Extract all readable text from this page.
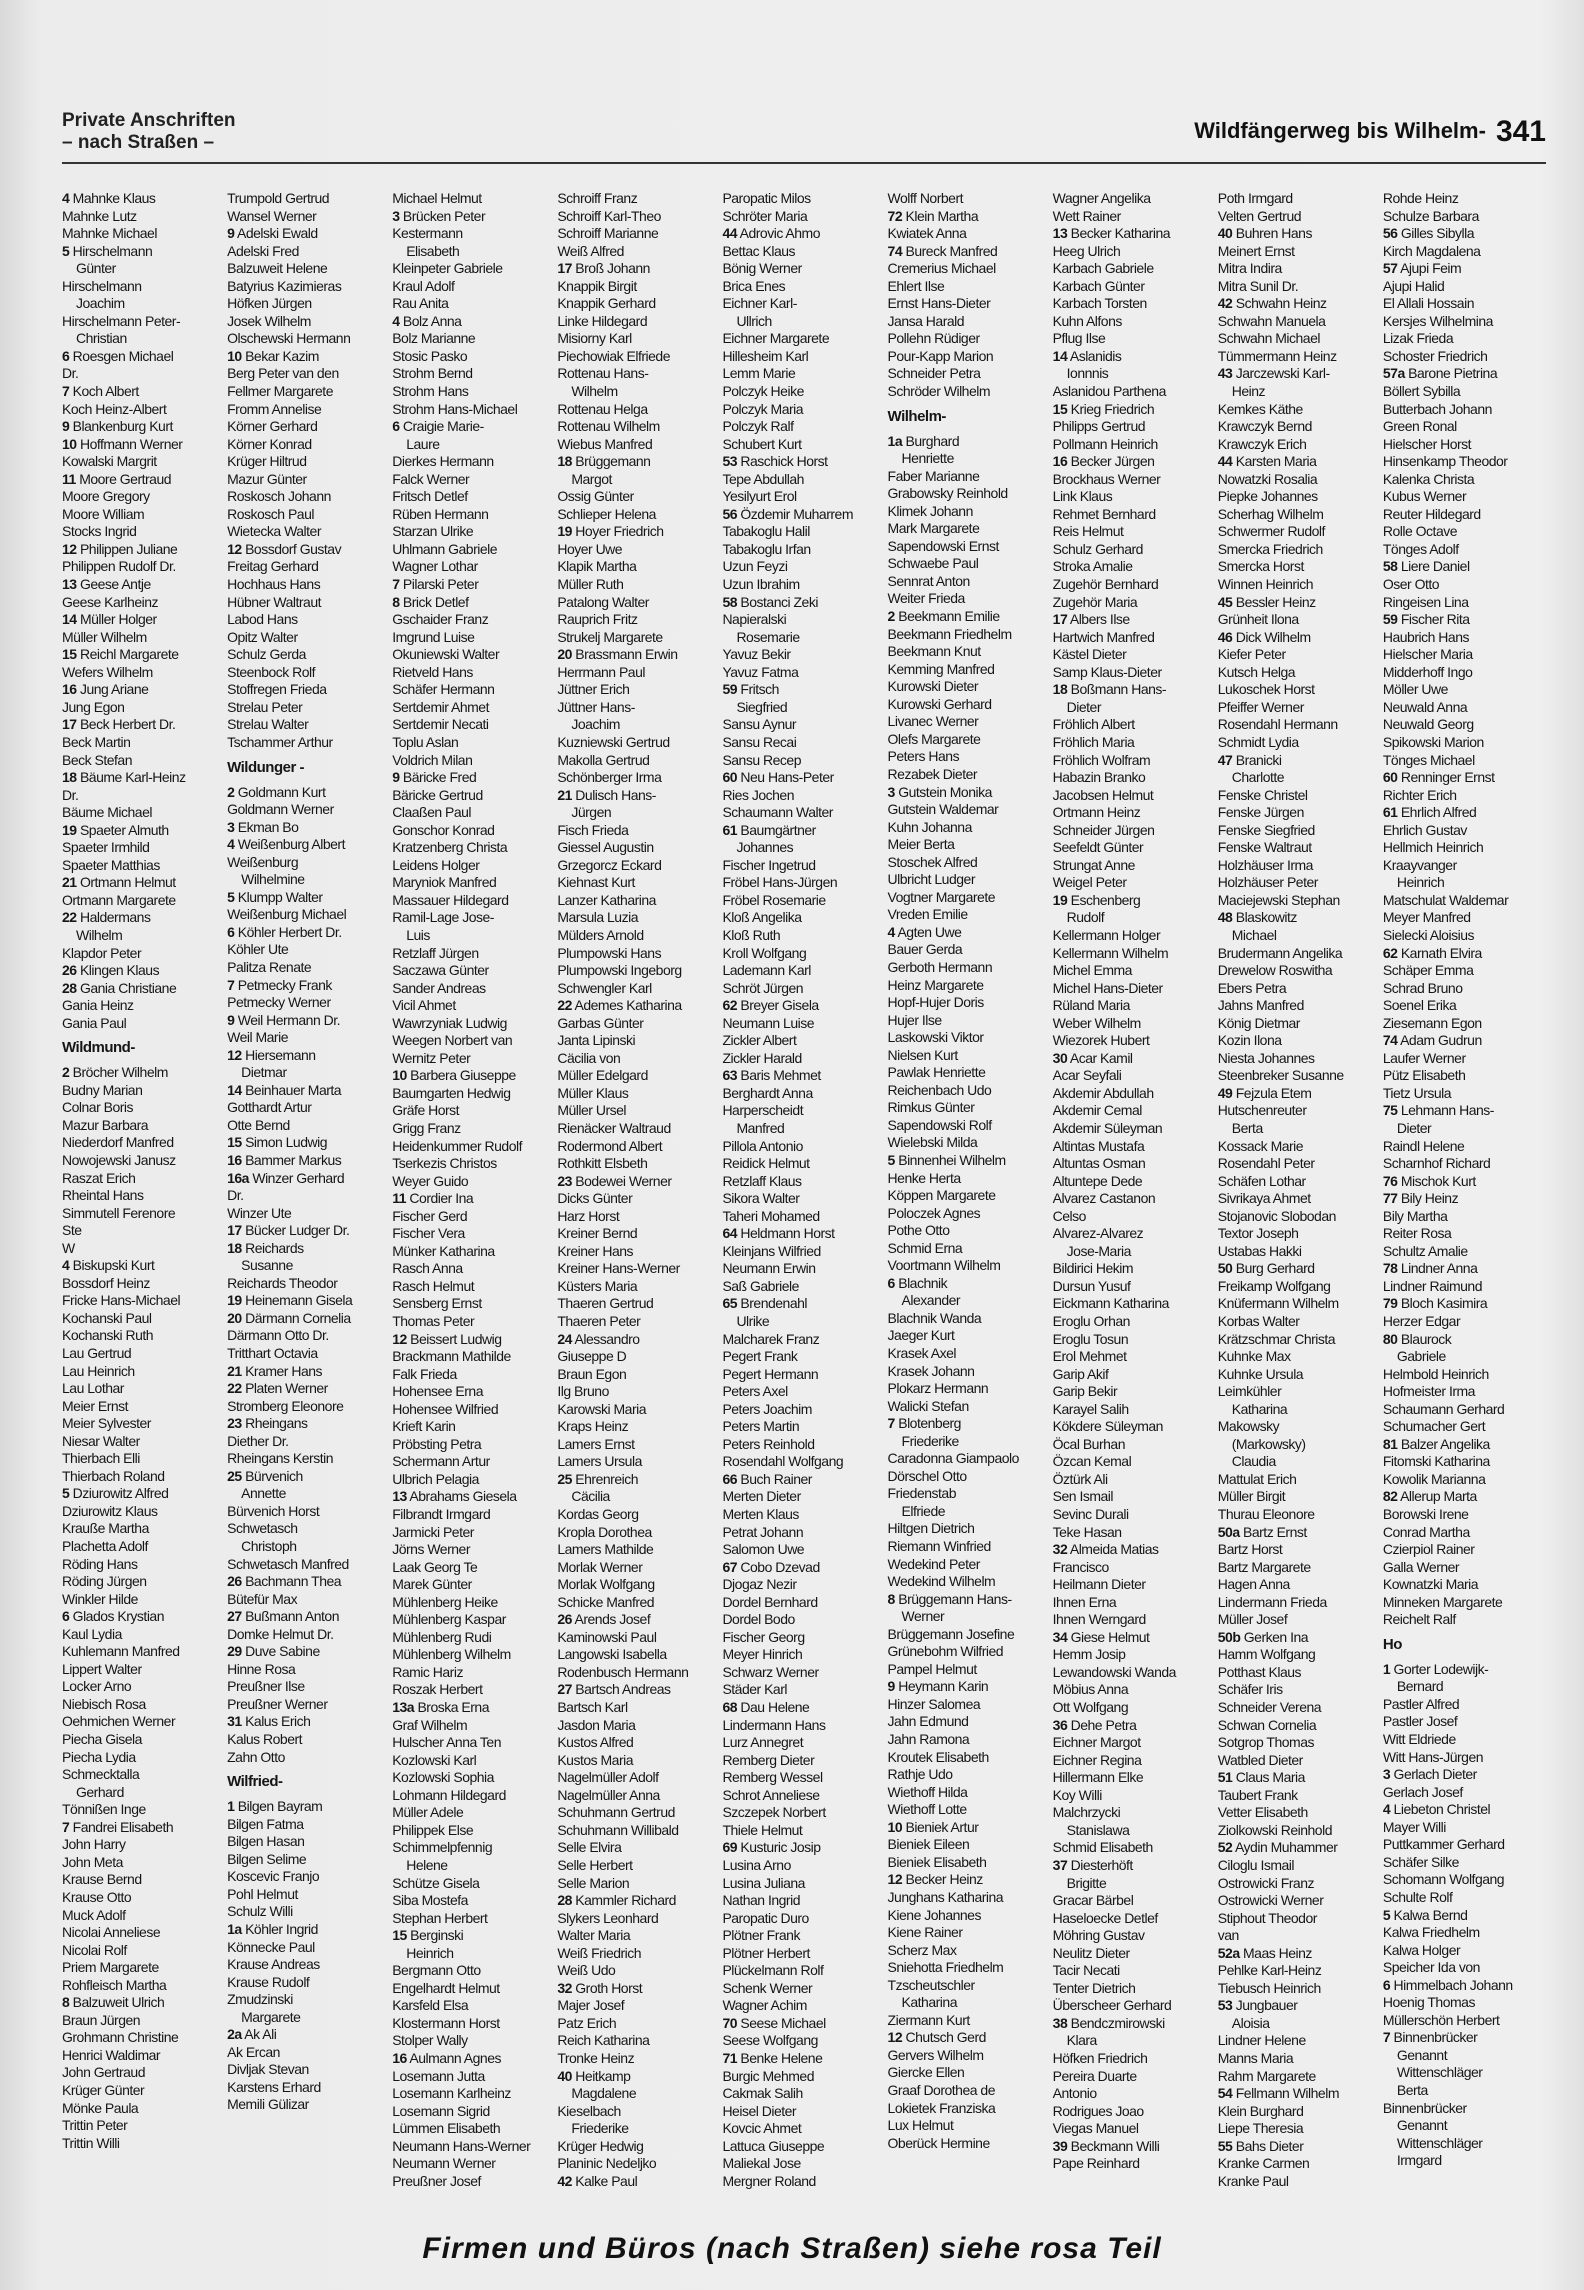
Private Anschriften
– nach Straßen –	Wildfängerweg bis Wilhelm- 341
4 Mahnke Klaus
Mahnke Lutz
Mahnke Michael
5 Hirschelmann
Günter
Hirschelmann
Joachim
Hirschelmann Peter-
Christian
6 Roesgen Michael
Dr.
7 Koch Albert
Koch Heinz-Albert
9 Blankenburg Kurt
10 Hoffmann Werner
Kowalski Margrit
11 Moore Gertraud
Moore Gregory
Moore William
Stocks Ingrid
12 Philippen Juliane
Philippen Rudolf Dr.
13 Geese Antje
Geese Karlheinz
14 Müller Holger
Müller Wilhelm
15 Reichl Margarete
Wefers Wilhelm
16 Jung Ariane
Jung Egon
17 Beck Herbert Dr.
Beck Martin
Beck Stefan
18 Bäume Karl-Heinz
Dr.
Bäume Michael
19 Spaeter Almuth
Spaeter Irmhild
Spaeter Matthias
21 Ortmann Helmut
Ortmann Margarete
22 Haldermans
Wilhelm
Klapdor Peter
26 Klingen Klaus
28 Gania Christiane
Gania Heinz
Gania Paul
Wildmund-
2 Bröcher Wilhelm
Budny Marian
Colnar Boris
Mazur Barbara
Niederdorf Manfred
Nowojewski Janusz
Raszat Erich
Rheintal Hans
Simmutell Ferenore
Ste
W
4 Biskupski Kurt
Bossdorf Heinz
Fricke Hans-Michael
Kochanski Paul
Kochanski Ruth
Lau Gertrud
Lau Heinrich
Lau Lothar
Meier Ernst
Meier Sylvester
Niesar Walter
Thierbach Elli
Thierbach Roland
5 Dziurowitz Alfred
Dziurowitz Klaus
Krauße Martha
Plachetta Adolf
Röding Hans
Röding Jürgen
Winkler Hilde
6 Glados Krystian
Kaul Lydia
Kuhlemann Manfred
Lippert Walter
Locker Arno
Niebisch Rosa
Oehmichen Werner
Piecha Gisela
Piecha Lydia
Schmecktalla
Gerhard
Tönnißen Inge
7 Fandrei Elisabeth
John Harry
John Meta
Krause Bernd
Krause Otto
Muck Adolf
Nicolai Anneliese
Nicolai Rolf
Priem Margarete
Rohfleisch Martha
8 Balzuweit Ulrich
Braun Jürgen
Grohmann Christine
Henrici Waldimar
John Gertraud
Krüger Günter
Mönke Paula
Trittin Peter
Trittin Willi
Trumpold Gertrud
Wansel Werner
9 Adelski Ewald
Adelski Fred
Balzuweit Helene
Batyrius Kazimieras
Höfken Jürgen
Josek Wilhelm
Olschewski Hermann
10 Bekar Kazim
Berg Peter van den
Fellmer Margarete
Fromm Annelise
Körner Gerhard
Körner Konrad
Krüger Hiltrud
Mazur Günter
Roskosch Johann
Roskosch Paul
Wietecka Walter
12 Bossdorf Gustav
Freitag Gerhard
Hochhaus Hans
Hübner Waltraut
Labod Hans
Opitz Walter
Schulz Gerda
Steenbock Rolf
Stoffregen Frieda
Strelau Peter
Strelau Walter
Tschammer Arthur
Wildunger -
2 Goldmann Kurt
Goldmann Werner
3 Ekman Bo
4 Weißenburg Albert
Weißenburg
Wilhelmine
5 Klumpp Walter
Weißenburg Michael
6 Köhler Herbert Dr.
Köhler Ute
Palitza Renate
7 Petmecky Frank
Petmecky Werner
9 Weil Hermann Dr.
Weil Marie
12 Hiersemann
Dietmar
14 Beinhauer Marta
Gotthardt Artur
Otte Bernd
15 Simon Ludwig
16 Bammer Markus
16a Winzer Gerhard
Dr.
Winzer Ute
17 Bücker Ludger Dr.
18 Reichards
Susanne
Reichards Theodor
19 Heinemann Gisela
20 Därmann Cornelia
Därmann Otto Dr.
Tritthart Octavia
21 Kramer Hans
22 Platen Werner
Stromberg Eleonore
23 Rheingans
Diether Dr.
Rheingans Kerstin
25 Bürvenich
Annette
Bürvenich Horst
Schwetasch
Christoph
Schwetasch Manfred
26 Bachmann Thea
Bütefür Max
27 Bußmann Anton
Domke Helmut Dr.
29 Duve Sabine
Hinne Rosa
Preußner Ilse
Preußner Werner
31 Kalus Erich
Kalus Robert
Zahn Otto
Wilfried-
1 Bilgen Bayram
Bilgen Fatma
Bilgen Hasan
Bilgen Selime
Koscevic Franjo
Pohl Helmut
Schulz Willi
1a Köhler Ingrid
Könnecke Paul
Krause Andreas
Krause Rudolf
Zmudzinski
Margarete
2a Ak Ali
Ak Ercan
Divljak Stevan
Karstens Erhard
Memili Gülizar
Michael Helmut
3 Brücken Peter
Kestermann
Elisabeth
Kleinpeter Gabriele
Kraul Adolf
Rau Anita
4 Bolz Anna
Bolz Marianne
Stosic Pasko
Strohm Bernd
Strohm Hans
Strohm Hans-Michael
6 Craigie Marie-
Laure
Dierkes Hermann
Falck Werner
Fritsch Detlef
Rüben Hermann
Starzan Ulrike
Uhlmann Gabriele
Wagner Lothar
7 Pilarski Peter
8 Brick Detlef
Gschaider Franz
Imgrund Luise
Okuniewski Walter
Rietveld Hans
Schäfer Hermann
Sertdemir Ahmet
Sertdemir Necati
Toplu Aslan
Voldrich Milan
9 Bäricke Fred
Bäricke Gertrud
Claaßen Paul
Gonschor Konrad
Kratzenberg Christa
Leidens Holger
Maryniok Manfred
Massauer Hildegard
Ramil-Lage Jose-
Luis
Retzlaff Jürgen
Saczawa Günter
Sander Andreas
Vicil Ahmet
Wawrzyniak Ludwig
Weegen Norbert van
Wernitz Peter
10 Barbera Giuseppe
Baumgarten Hedwig
Gräfe Horst
Grigg Franz
Heidenkummer Rudolf
Tserkezis Christos
Weyer Guido
11 Cordier Ina
Fischer Gerd
Fischer Vera
Münker Katharina
Rasch Anna
Rasch Helmut
Sensberg Ernst
Thomas Peter
12 Beissert Ludwig
Brackmann Mathilde
Falk Frieda
Hohensee Erna
Hohensee Wilfried
Krieft Karin
Pröbsting Petra
Schermann Artur
Ulbrich Pelagia
13 Abrahams Giesela
Filbrandt Irmgard
Jarmicki Peter
Jörns Werner
Laak Georg Te
Marek Günter
Mühlenberg Heike
Mühlenberg Kaspar
Mühlenberg Rudi
Mühlenberg Wilhelm
Ramic Hariz
Roszak Herbert
13a Broska Erna
Graf Wilhelm
Hulscher Anna Ten
Kozlowski Karl
Kozlowski Sophia
Lohmann Hildegard
Müller Adele
Philippek Else
Schimmelpfennig
Helene
Schütze Gisela
Siba Mostefa
Stephan Herbert
15 Berginski
Heinrich
Bergmann Otto
Engelhardt Helmut
Karsfeld Elsa
Klostermann Horst
Stolper Wally
16 Aulmann Agnes
Losemann Jutta
Losemann Karlheinz
Losemann Sigrid
Lümmen Elisabeth
Neumann Hans-Werner
Neumann Werner
Preußner Josef
Schroiff Franz
Schroiff Karl-Theo
Schroiff Marianne
Weiß Alfred
17 Broß Johann
Knappik Birgit
Knappik Gerhard
Linke Hildegard
Misiorny Karl
Piechowiak Elfriede
Rottenau Hans-
Wilhelm
Rottenau Helga
Rottenau Wilhelm
Wiebus Manfred
18 Brüggemann
Margot
Ossig Günter
Schlieper Helena
19 Hoyer Friedrich
Hoyer Uwe
Klapik Martha
Müller Ruth
Patalong Walter
Rauprich Fritz
Strukelj Margarete
20 Brassmann Erwin
Herrmann Paul
Jüttner Erich
Jüttner Hans-
Joachim
Kuzniewski Gertrud
Makolla Gertrud
Schönberger Irma
21 Dulisch Hans-
Jürgen
Fisch Frieda
Giessel Augustin
Grzegorcz Eckard
Kiehnast Kurt
Lanzer Katharina
Marsula Luzia
Mülders Arnold
Plumpowski Hans
Plumpowski Ingeborg
Schwengler Karl
22 Ademes Katharina
Garbas Günter
Janta Lipinski
Cäcilia von
Müller Edelgard
Müller Klaus
Müller Ursel
Rienäcker Waltraud
Rodermond Albert
Rothkitt Elsbeth
23 Bodewei Werner
Dicks Günter
Harz Horst
Kreiner Bernd
Kreiner Hans
Kreiner Hans-Werner
Küsters Maria
Thaeren Gertrud
Thaeren Peter
24 Alessandro
Giuseppe D
Braun Egon
Ilg Bruno
Karowski Maria
Kraps Heinz
Lamers Ernst
Lamers Ursula
25 Ehrenreich
Cäcilia
Kordas Georg
Kropla Dorothea
Lamers Mathilde
Morlak Werner
Morlak Wolfgang
Schicke Manfred
26 Arends Josef
Kaminowski Paul
Langowski Isabella
Rodenbusch Hermann
27 Bartsch Andreas
Bartsch Karl
Jasdon Maria
Kustos Alfred
Kustos Maria
Nagelmüller Adolf
Nagelmüller Anna
Schuhmann Gertrud
Schuhmann Willibald
Selle Elvira
Selle Herbert
Selle Marion
28 Kammler Richard
Slykers Leonhard
Walter Maria
Weiß Friedrich
Weiß Udo
32 Groth Horst
Majer Josef
Patz Erich
Reich Katharina
Tronke Heinz
40 Heitkamp
Magdalene
Kieselbach
Friederike
Krüger Hedwig
Planinic Nedeljko
42 Kalke Paul
Paropatic Milos
Schröter Maria
44 Adrovic Ahmo
Bettac Klaus
Bönig Werner
Brica Enes
Eichner Karl-
Ullrich
Eichner Margarete
Hillesheim Karl
Lemm Marie
Polczyk Heike
Polczyk Maria
Polczyk Ralf
Schubert Kurt
53 Raschick Horst
Tepe Abdullah
Yesilyurt Erol
56 Özdemir Muharrem
Tabakoglu Halil
Tabakoglu Irfan
Uzun Feyzi
Uzun Ibrahim
58 Bostanci Zeki
Napieralski
Rosemarie
Yavuz Bekir
Yavuz Fatma
59 Fritsch
Siegfried
Sansu Aynur
Sansu Recai
Sansu Recep
60 Neu Hans-Peter
Ries Jochen
Schaumann Walter
61 Baumgärtner
Johannes
Fischer Ingetrud
Fröbel Hans-Jürgen
Fröbel Rosemarie
Kloß Angelika
Kloß Ruth
Kroll Wolfgang
Lademann Karl
Schröt Jürgen
62 Breyer Gisela
Neumann Luise
Zickler Albert
Zickler Harald
63 Baris Mehmet
Berghardt Anna
Harperscheidt
Manfred
Pillola Antonio
Reidick Helmut
Retzlaff Klaus
Sikora Walter
Taheri Mohamed
64 Heldmann Horst
Kleinjans Wilfried
Neumann Erwin
Saß Gabriele
65 Brendenahl
Ulrike
Malcharek Franz
Pegert Frank
Pegert Hermann
Peters Axel
Peters Joachim
Peters Martin
Peters Reinhold
Rosendahl Wolfgang
66 Buch Rainer
Merten Dieter
Merten Klaus
Petrat Johann
Salomon Uwe
67 Cobo Dzevad
Djogaz Nezir
Dordel Bernhard
Dordel Bodo
Fischer Georg
Meyer Hinrich
Schwarz Werner
Städer Karl
68 Dau Helene
Lindermann Hans
Lurz Annegret
Remberg Dieter
Remberg Wessel
Schrot Anneliese
Szczepek Norbert
Thiele Helmut
69 Kusturic Josip
Lusina Arno
Lusina Juliana
Nathan Ingrid
Paropatic Duro
Plötner Frank
Plötner Herbert
Plückelmann Rolf
Schenk Werner
Wagner Achim
70 Seese Michael
Seese Wolfgang
71 Benke Helene
Burgic Mehmed
Cakmak Salih
Heisel Dieter
Kovcic Ahmet
Lattuca Giuseppe
Maliekal Jose
Mergner Roland
Wolff Norbert
72 Klein Martha
Kwiatek Anna
74 Bureck Manfred
Cremerius Michael
Ehlert Ilse
Ernst Hans-Dieter
Jansa Harald
Pollehn Rüdiger
Pour-Kapp Marion
Schneider Petra
Schröder Wilhelm
Wilhelm-
1a Burghard
Henriette
Faber Marianne
Grabowsky Reinhold
Klimek Johann
Mark Margarete
Sapendowski Ernst
Schwaebe Paul
Sennrat Anton
Weiter Frieda
2 Beekmann Emilie
Beekmann Friedhelm
Beekmann Knut
Kemming Manfred
Kurowski Dieter
Kurowski Gerhard
Livanec Werner
Olefs Margarete
Peters Hans
Rezabek Dieter
3 Gutstein Monika
Gutstein Waldemar
Kuhn Johanna
Meier Berta
Stoschek Alfred
Ulbricht Ludger
Vogtner Margarete
Vreden Emilie
4 Agten Uwe
Bauer Gerda
Gerboth Hermann
Heinz Margarete
Hopf-Hujer Doris
Hujer Ilse
Laskowski Viktor
Nielsen Kurt
Pawlak Henriette
Reichenbach Udo
Rimkus Günter
Sapendowski Rolf
Wielebski Milda
5 Binnenhei Wilhelm
Henke Herta
Köppen Margarete
Poloczek Agnes
Pothe Otto
Schmid Erna
Voortmann Wilhelm
6 Blachnik
Alexander
Blachnik Wanda
Jaeger Kurt
Krasek Axel
Krasek Johann
Plokarz Hermann
Walicki Stefan
7 Blotenberg
Friederike
Caradonna Giampaolo
Dörschel Otto
Friedenstab
Elfriede
Hiltgen Dietrich
Riemann Winfried
Wedekind Peter
Wedekind Wilhelm
8 Brüggemann Hans-
Werner
Brüggemann Josefine
Grünebohm Wilfried
Pampel Helmut
9 Heymann Karin
Hinzer Salomea
Jahn Edmund
Jahn Ramona
Kroutek Elisabeth
Rathje Udo
Wiethoff Hilda
Wiethoff Lotte
10 Bieniek Artur
Bieniek Eileen
Bieniek Elisabeth
12 Becker Heinz
Junghans Katharina
Kiene Johannes
Kiene Rainer
Scherz Max
Sniehotta Friedhelm
Tzscheutschler
Katharina
Ziermann Kurt
12 Chutsch Gerd
Gervers Wilhelm
Giercke Ellen
Graaf Dorothea de
Lokietek Franziska
Lux Helmut
Oberück Hermine
Wagner Angelika
Wett Rainer
13 Becker Katharina
Heeg Ulrich
Karbach Gabriele
Karbach Günter
Karbach Torsten
Kuhn Alfons
Pflug Ilse
14 Aslanidis
Ionnnis
Aslanidou Parthena
15 Krieg Friedrich
Philipps Gertrud
Pollmann Heinrich
16 Becker Jürgen
Brockhaus Werner
Link Klaus
Rehmet Bernhard
Reis Helmut
Schulz Gerhard
Stroka Amalie
Zugehör Bernhard
Zugehör Maria
17 Albers Ilse
Hartwich Manfred
Kästel Dieter
Samp Klaus-Dieter
18 Boßmann Hans-
Dieter
Fröhlich Albert
Fröhlich Maria
Fröhlich Wolfram
Habazin Branko
Jacobsen Helmut
Ortmann Heinz
Schneider Jürgen
Seefeldt Günter
Strungat Anne
Weigel Peter
19 Eschenberg
Rudolf
Kellermann Holger
Kellermann Wilhelm
Michel Emma
Michel Hans-Dieter
Rüland Maria
Weber Wilhelm
Wiezorek Hubert
30 Acar Kamil
Acar Seyfali
Akdemir Abdullah
Akdemir Cemal
Akdemir Süleyman
Altintas Mustafa
Altuntas Osman
Altuntepe Dede
Alvarez Castanon
Celso
Alvarez-Alvarez
Jose-Maria
Bildirici Hekim
Dursun Yusuf
Eickmann Katharina
Eroglu Orhan
Eroglu Tosun
Erol Mehmet
Garip Akif
Garip Bekir
Karayel Salih
Kökdere Süleyman
Öcal Burhan
Özcan Kemal
Öztürk Ali
Sen Ismail
Sevinc Durali
Teke Hasan
32 Almeida Matias
Francisco
Heilmann Dieter
Ihnen Erna
Ihnen Werngard
34 Giese Helmut
Hemm Josip
Lewandowski Wanda
Möbius Anna
Ott Wolfgang
36 Dehe Petra
Eichner Margot
Eichner Regina
Hillermann Elke
Koy Willi
Malchrzycki
Stanislawa
Schmid Elisabeth
37 Diesterhöft
Brigitte
Gracar Bärbel
Haseloecke Detlef
Möhring Gustav
Neulitz Dieter
Tacir Necati
Tenter Dietrich
Überscheer Gerhard
38 Bendczmirowski
Klara
Höfken Friedrich
Pereira Duarte
Antonio
Rodrigues Joao
Viegas Manuel
39 Beckmann Willi
Pape Reinhard
Poth Irmgard
Velten Gertrud
40 Buhren Hans
Meinert Ernst
Mitra Indira
Mitra Sunil Dr.
42 Schwahn Heinz
Schwahn Manuela
Schwahn Michael
Tümmermann Heinz
43 Jarczewski Karl-
Heinz
Kemkes Käthe
Krawczyk Bernd
Krawczyk Erich
44 Karsten Maria
Nowatzki Rosalia
Piepke Johannes
Scherhag Wilhelm
Schwermer Rudolf
Smercka Friedrich
Smercka Horst
Winnen Heinrich
45 Bessler Heinz
Grünheit Ilona
46 Dick Wilhelm
Kiefer Peter
Kutsch Helga
Lukoschek Horst
Pfeiffer Werner
Rosendahl Hermann
Schmidt Lydia
47 Branicki
Charlotte
Fenske Christel
Fenske Jürgen
Fenske Siegfried
Fenske Waltraut
Holzhäuser Irma
Holzhäuser Peter
Maciejewski Stephan
48 Blaskowitz
Michael
Brudermann Angelika
Drewelow Roswitha
Ebers Petra
Jahns Manfred
König Dietmar
Kozin Ilona
Niesta Johannes
Steenbreker Susanne
49 Fejzula Etem
Hutschenreuter
Berta
Kossack Marie
Rosendahl Peter
Schäfen Lothar
Sivrikaya Ahmet
Stojanovic Slobodan
Textor Joseph
Ustabas Hakki
50 Burg Gerhard
Freikamp Wolfgang
Knüfermann Wilhelm
Korbas Walter
Krätzschmar Christa
Kuhnke Max
Kuhnke Ursula
Leimkühler
Katharina
Makowsky
(Markowsky)
Claudia
Mattulat Erich
Müller Birgit
Thurau Eleonore
50a Bartz Ernst
Bartz Horst
Bartz Margarete
Hagen Anna
Lindermann Frieda
Müller Josef
50b Gerken Ina
Hamm Wolfgang
Potthast Klaus
Schäfer Iris
Schneider Verena
Schwan Cornelia
Sotgrop Thomas
Watbled Dieter
51 Claus Maria
Taubert Frank
Vetter Elisabeth
Ziolkowski Reinhold
52 Aydin Muhammer
Ciloglu Ismail
Ostrowicki Franz
Ostrowicki Werner
Stiphout Theodor
van
52a Maas Heinz
Pehlke Karl-Heinz
Tiebusch Heinrich
53 Jungbauer
Aloisia
Lindner Helene
Manns Maria
Rahm Margarete
54 Fellmann Wilhelm
Klein Burghard
Liepe Theresia
55 Bahs Dieter
Kranke Carmen
Kranke Paul
Rohde Heinz
Schulze Barbara
56 Gilles Sibylla
Kirch Magdalena
57 Ajupi Feim
Ajupi Halid
El Allali Hossain
Kersjes Wilhelmina
Lizak Frieda
Schoster Friedrich
57a Barone Pietrina
Böllert Sybilla
Butterbach Johann
Green Ronal
Hielscher Horst
Hinsenkamp Theodor
Kalenka Christa
Kubus Werner
Reuter Hildegard
Rolle Octave
Tönges Adolf
58 Liere Daniel
Oser Otto
Ringeisen Lina
59 Fischer Rita
Haubrich Hans
Hielscher Maria
Midderhoff Ingo
Möller Uwe
Neuwald Anna
Neuwald Georg
Spikowski Marion
Tönges Michael
60 Renninger Ernst
Richter Erich
61 Ehrlich Alfred
Ehrlich Gustav
Hellmich Heinrich
Kraayvanger
Heinrich
Matschulat Waldemar
Meyer Manfred
Sielecki Aloisius
62 Karnath Elvira
Schäper Emma
Schrad Bruno
Soenel Erika
Ziesemann Egon
74 Adam Gudrun
Laufer Werner
Pütz Elisabeth
Tietz Ursula
75 Lehmann Hans-
Dieter
Raindl Helene
Scharnhof Richard
76 Mischok Kurt
77 Bily Heinz
Bily Martha
Reiter Rosa
Schultz Amalie
78 Lindner Anna
Lindner Raimund
79 Bloch Kasimira
Herzer Edgar
80 Blaurock
Gabriele
Helmbold Heinrich
Hofmeister Irma
Schaumann Gerhard
Schumacher Gert
81 Balzer Angelika
Fitomski Katharina
Kowolik Marianna
82 Allerup Marta
Borowski Irene
Conrad Martha
Czierpiol Rainer
Galla Werner
Kownatzki Maria
Minneken Margarete
Reichelt Ralf
Ho
1 Gorter Lodewijk-
Bernard
Pastler Alfred
Pastler Josef
Witt Eldriede
Witt Hans-Jürgen
3 Gerlach Dieter
Gerlach Josef
4 Liebeton Christel
Mayer Willi
Puttkammer Gerhard
Schäfer Silke
Schomann Wolfgang
Schulte Rolf
5 Kalwa Bernd
Kalwa Friedhelm
Kalwa Holger
Speicher Ida von
6 Himmelbach Johann
Hoenig Thomas
Müllerschön Herbert
7 Binnenbrücker
Genannt
Wittenschläger
Berta
Binnenbrücker
Genannt
Wittenschläger
Irmgard
Firmen und Büros (nach Straßen) siehe rosa Teil
